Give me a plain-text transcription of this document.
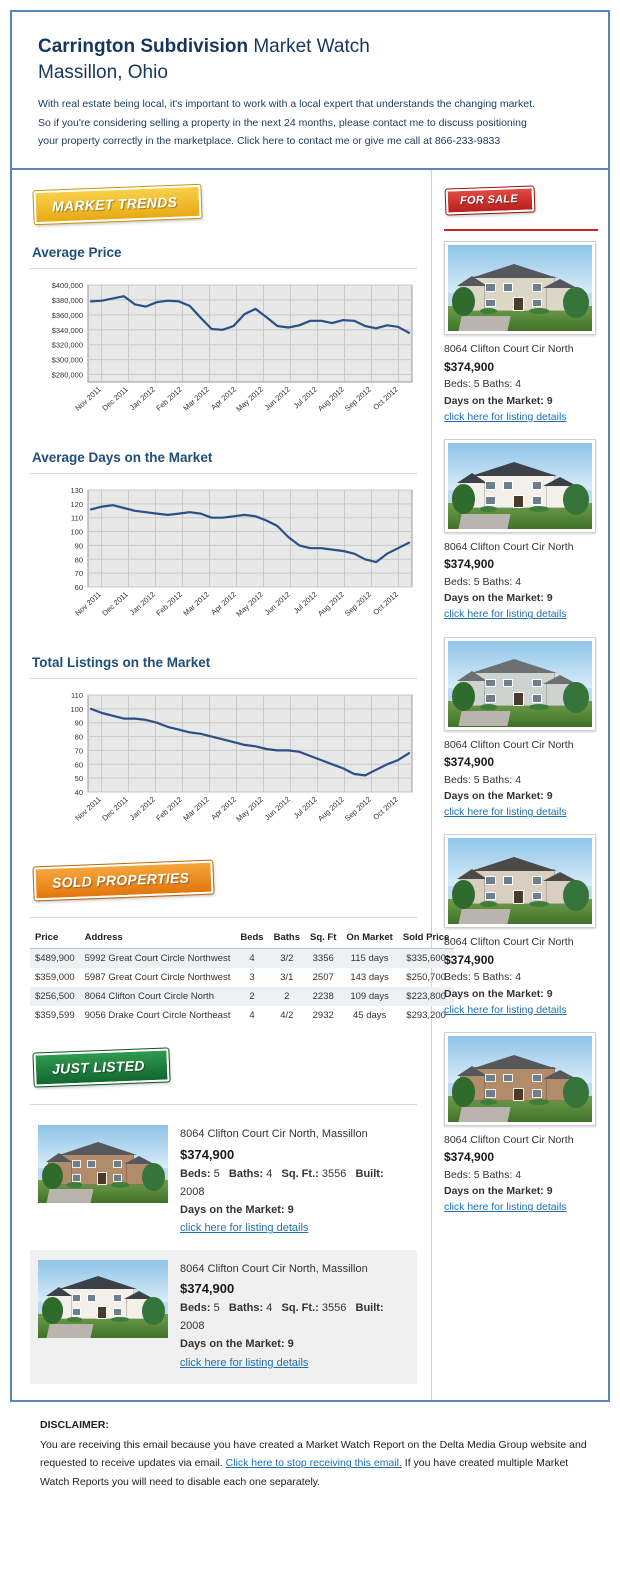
Carrington Subdivision Market Watch
Massillon, Ohio
With real estate being local, it's important to work with a local expert that understands the changing market.
So if you're considering selling a property in the next 24 months, please contact me to discuss positioning
your property correctly in the marketplace. Click here to contact me or give me call at 866-233-9833
MARKET TRENDS
Average Price
$280,000
$300,000
$320,000
$340,000
$360,000
$380,000
$400,000
Nov 2011
Dec 2011
Jan 2012
Feb 2012
Mar 2012
Apr 2012
May 2012
Jun 2012 Jul 2012
Aug 2012
Sep 2012
Oct 2012
Average Days on the Market
60
70
80
90
100
110
120
130
Nov 2011
Dec 2011
Jan 2012
Feb 2012
Mar 2012
Apr 2012
May 2012
Jun 2012 Jul 2012
Aug 2012
Sep 2012
Oct 2012
Total Listings on the Market
40
50
60
70
80
90
100
110
Nov 2011
Dec 2011
Jan 2012
Feb 2012
Mar 2012
Apr 2012
May 2012
Jun 2012 Jul 2012
Aug 2012
Sep 2012
Oct 2012
SOLD PROPERTIES
Price	Address	Beds	Baths	Sq. Ft	On Market	Sold Price
$489,900	5992 Great Court Circle Northwest	4	3/2	3356	115 days	$335,600
$359,000	5987 Great Court Circle Northwest	3	3/1	2507	143 days	$250,700
$256,500	8064 Clifton Court Circle North	2	2	2238	109 days	$223,800
$359,599	9056 Drake Court Circle Northeast	4	4/2	2932	45 days	$293,200
JUST LISTED
8064 Clifton Court Cir North, Massillon
$374,900
Beds: 5 Baths: 4 Sq. Ft.: 3556 Built: 2008
Days on the Market: 9
click here for listing details
8064 Clifton Court Cir North, Massillon
$374,900
Beds: 5 Baths: 4 Sq. Ft.: 3556 Built: 2008
Days on the Market: 9
click here for listing details
FOR SALE
8064 Clifton Court Cir North
$374,900
Beds: 5 Baths: 4
Days on the Market: 9
click here for listing details
8064 Clifton Court Cir North
$374,900
Beds: 5 Baths: 4
Days on the Market: 9
click here for listing details
8064 Clifton Court Cir North
$374,900
Beds: 5 Baths: 4
Days on the Market: 9
click here for listing details
8064 Clifton Court Cir North
$374,900
Beds: 5 Baths: 4
Days on the Market: 9
click here for listing details
8064 Clifton Court Cir North
$374,900
Beds: 5 Baths: 4
Days on the Market: 9
click here for listing details
DISCLAIMER:
You are receiving this email because you have created a Market Watch Report on the Delta Media Group website and requested to receive updates via email. Click here to stop receiving this email. If you have created multiple Market Watch Reports you will need to disable each one separately.
